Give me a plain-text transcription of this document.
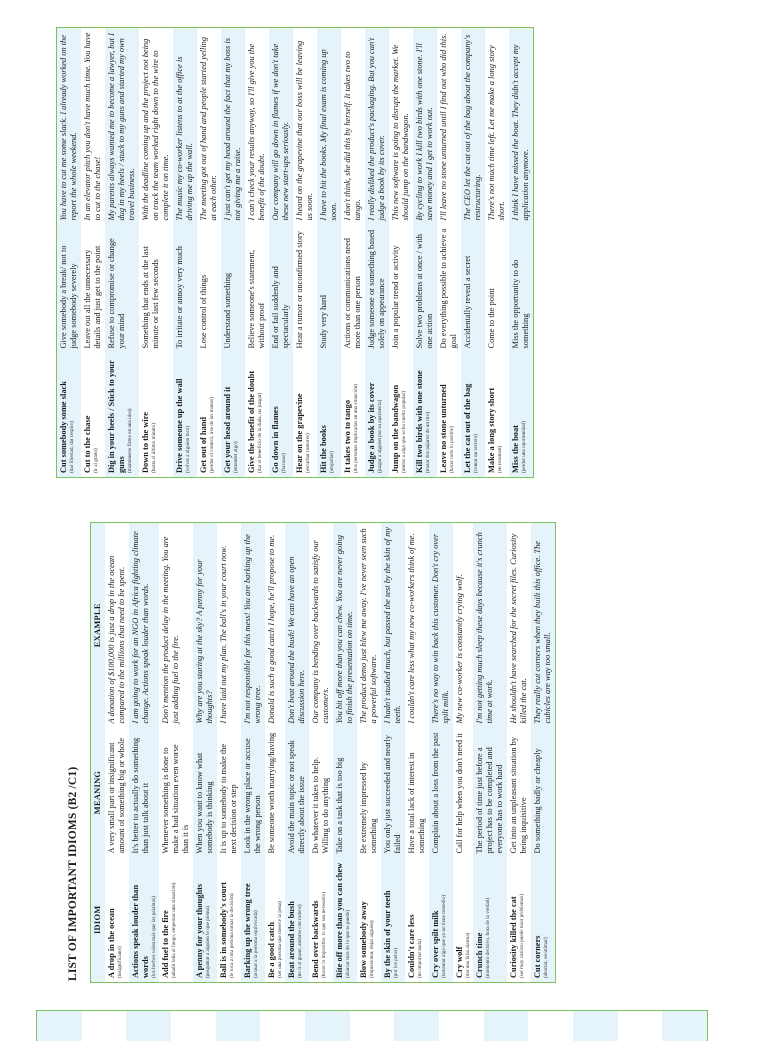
Cut somebody some slack (dar libertad, dar respiro)	Give somebody a break/ not to judge somebody severely	You have to cut me some slack. I already worked on the report the whole weekend.
Cut to the chase (ir al grano)	Leave out all the unnecessary details and just get to the point	In an elevator pitch you don't have much time. You have to cut to the chase!
Dig in your heels / Stick to your guns (mantenerse firme en una idea)	Refuse to compromise or change your mind	My parents always wanted me to become a lawyer, but I dug in my heels / stuck to my guns and started my own travel business.
Down to the wire (hasta el último minuto)	Something that ends at the last minute or last few seconds	With the deadline coming up and the project not being on track the team worked right down to the wire to complete it on time.
Drive someone up the wall (volver a alguien loco)	To irritate or annoy very much	The music my co-worker listens to at the office is driving me up the wall.
Get out of hand (perder el control, irse de las manos)	Lose control of things	The meeting got out of hand and people started yelling at each other.
Get your head around it (entender algo)	Understand something	I just can't get my head around the fact that my boss is not giving me a raise.
Give the benefit of the doubt (dar el beneficio de la duda, no juzgar)	Believe someone's statement, without proof	I can't check your results anyway, so I'll give you the benefit of the doubt.
Go down in flames (fracasar)	End or fail suddenly and spectacularly	Our company will go down in flames if we don't take these new start-ups seriously.
Hear on the grapevine (escuchar rumores)	Hear a rumor or unconfirmed story	I heard on the grapevine that our boss will be leaving us soon.
Hit the books (empollar)	Study very hard	I have to hit the books. My final exam is coming up soon.
It takes two to tango (dos personas implicadas en una situación)	Actions or communications need more than one person	I don't think, she did this by herself. It takes two to tango.
Judge a book by its cover (juzgar a alguien por su apariencia)	Judge someone or something based solely on appearance	I really disliked the product's packaging. But you can't judge a book by its cover.
Jump on the bandwagon (unirse a algo que se ha vuelto popular)	Join a popular trend or activity	This new software is going to disrupt the market. We should jump on the bandwagon.
Kill two birds with one stone (matar dos pájaros de un tiro)	Solve two problems at once / with one action	By cycling to work I kill two birds with one stone. I'll save money and I get to work out.
Leave no stone unturned (hacer todo lo posible)	Do everything possible to achieve a goal	I'll leave no stone unturned until I find out who did this.
Let the cat out of the bag (contar un secreto)	Accidentally reveal a secret	The CEO let the cat out of the bag about the company's restructuring.
Make a long story short (en resumen)	Come to the point	There's not much time left. Let me make a long story short.
Miss the boat (perder una oportunidad)	Miss the opportunity to do something	I think I have missed the boat. They didn't accept my application anymore.
LIST OF IMPORTANT IDIOMS (B2 /C1)	IDIOM	MEANING	EXAMPLE
A drop in the ocean (insignificante)	A very small part or insignificant amount of something big or whole	A donation of $100,000 is just a drop in the ocean compared to the millions that need to be spent.
Actions speak louder than words (los hechos valen más que las palabras)	It's better to actually do something than just talk about it	I am going to work for an NGO in Africa fighting climate change. Actions speak louder than words.
Add fuel to the fire (añadir leña al fuego, empeorar una situación)	Whenever something is done to make a bad situation even worse than it is	Don't mention the product delay in the meeting. You are just adding fuel to the fire.
A penny for your thoughts (preguntar a alguien lo que piensa)	When you want to know what somebody is thinking	Why are you staring at the sky? A penny for your thoughts?
Ball is in somebody's court (le toca a otra persona tomar la decisión)	It is up to somebody to make the next decision or step	I have laid out my plan. The ball's in your court now.
Barking up the wrong tree (acusar a la persona equivocada)	Look in the wrong place or accuse the wrong person	I'm not responsible for this mess! You are barking up the wrong tree.
Be a good catch (ser una persona que merece la pena)	Be someone worth marrying/having	Donald is such a good catch I hope, he'll propose to me.
Beat around the bush (no ir al grano, andarse con rodeos)	Avoid the main topic or not speak directly about the issue	Don't beat around the bush! We can have an open discussion here.
Bend over backwards (hacer lo imposible, lo que sea necesario)	Do whatever it takes to help. Willing to do anything	Our company is bending over backwards to satisfy our customers.
Bite off more than you can chew (abarcar más de lo que se puede)	Take on a task that is too big	You bit off more than you can chew. You are never going to finish the presentation on time.
Blow somebody away (impresionar, dejar alguien)	Be extremely impressed by something	The product demo just blew me away. I've never seen such a powerful software.
By the skin of your teeth (por los pelos)	You only just succeeded and nearly failed	I hadn't studied much, but passed the test by the skin of my teeth.
Couldn't care less (no importar nada)	Have a total lack of interest in something	I couldn't care less what my new co-workers think of me.
Cry over spilt milk (lamentar algo que ya no tiene remedio)	Complain about a loss from the past	There's no way to win back this customer. Don't cry over spilt milk.
Cry wolf (dar una falsa alarma)	Call for help when you don't need it	My new co-worker is constantly crying wolf.
Crunch time (momento decisivo, hora de la verdad)	The period of time just before a project has to be completed and everyone has to work hard	I'm not getting much sleep these days because it's crunch time at work.
Curiosity killed the cat (ser muy curioso puede traer problemas)	Get into an unpleasant situation by being inquisitive	He shouldn't have searched for the secret files. Curiosity killed the cat.
Cut corners (ahorrar, escatimar)	Do something badly or cheaply	They really cut corners when they built this office. The cubicles are way too small.
